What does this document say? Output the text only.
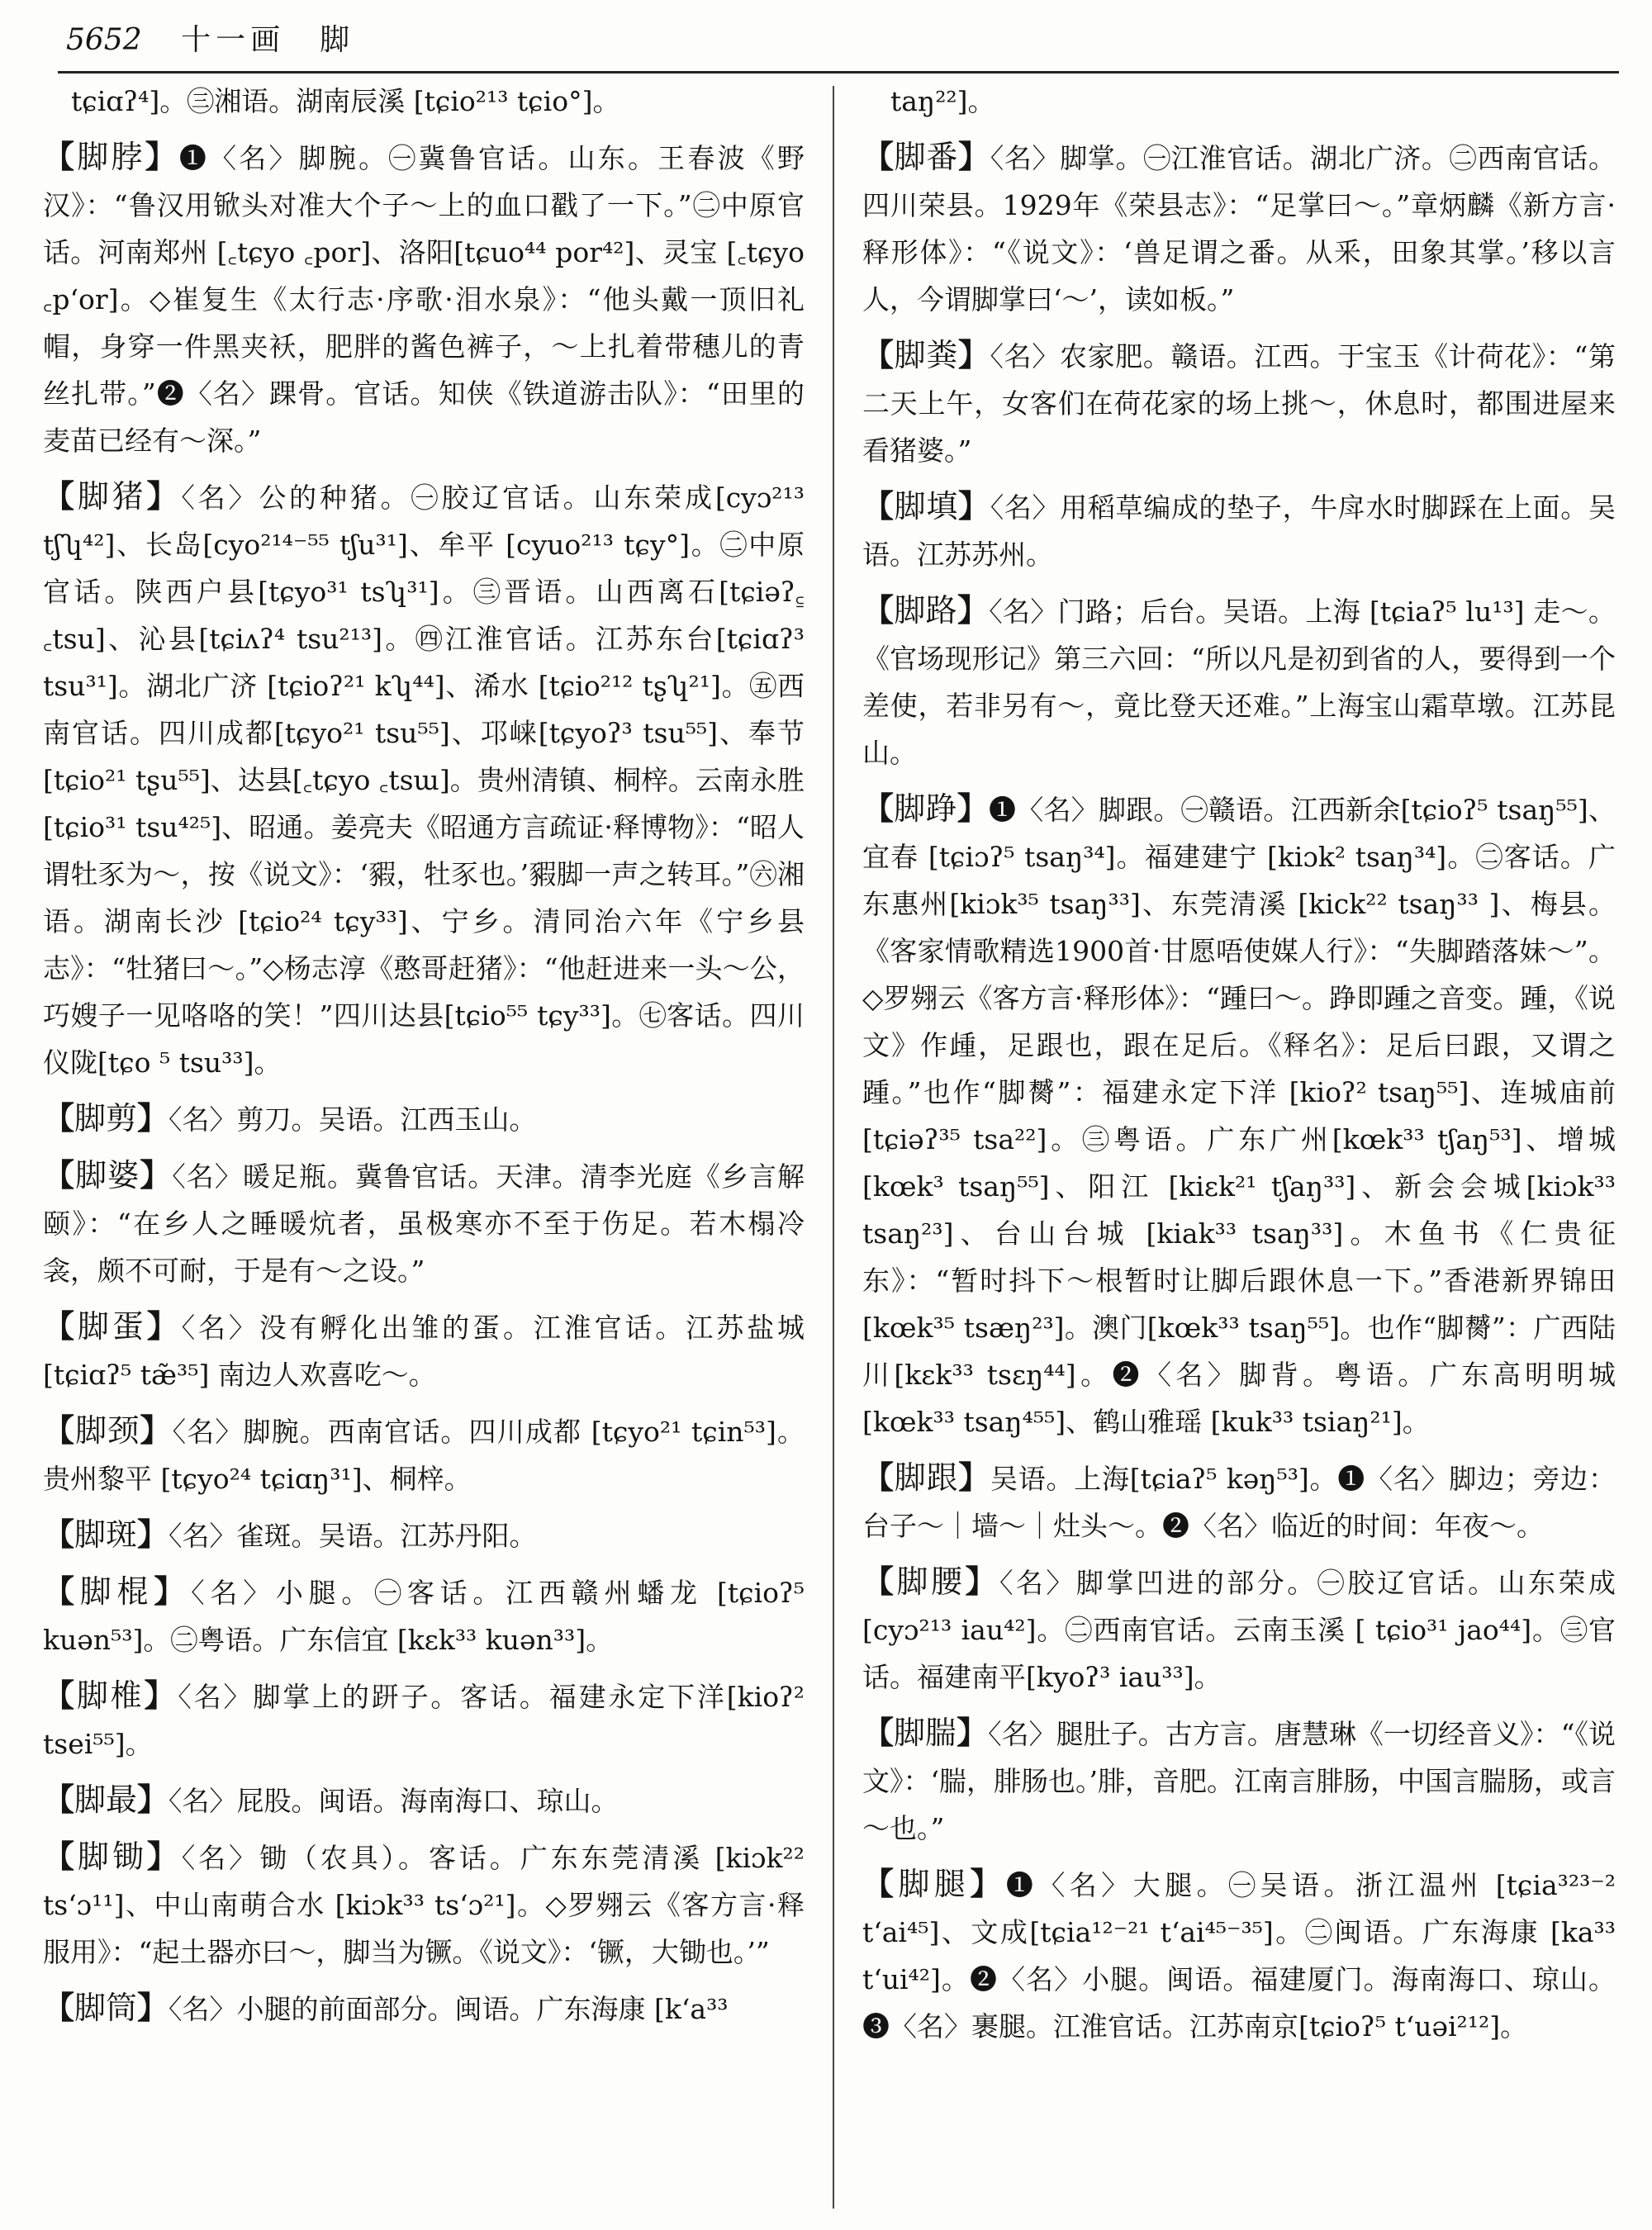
5652 十一画　脚

tɕiɑʔ⁴]。㊂湘语。湖南辰溪 [tɕio²¹³ tɕio°]。

【脚脖】❶〈名〉脚腕。㊀冀鲁官话。山东。王春波《野汉》：“鲁汉用锨头对准大个子～上的血口戳了一下。”㊁中原官话。河南郑州 [꜀tɕyo ꜀por]、洛阳[tɕuo⁴⁴ por⁴²]、灵宝 [꜀tɕyo ꜀pʻor]。◇崔复生《太行志·序歌·泪水泉》：“他头戴一顶旧礼帽，身穿一件黑夹袄，肥胖的酱色裤子，～上扎着带穗儿的青丝扎带。”❷〈名〉踝骨。官话。知侠《铁道游击队》：“田里的麦苗已经有～深。”

【脚猪】〈名〉公的种猪。㊀胶辽官话。山东荣成[cyɔ²¹³ tʃʮ⁴²]、长岛[cyo²¹⁴⁻⁵⁵ tʃu³¹]、牟平 [cyuo²¹³ tɕy°]。㊁中原官话。陕西户县[tɕyo³¹ tsʮ³¹]。㊂晋语。山西离石[tɕiəʔ꜁ ꜀tsu]、沁县[tɕiʌʔ⁴ tsu²¹³]。㊃江淮官话。江苏东台[tɕiɑʔ³ tsu³¹]。湖北广济 [tɕioʔ²¹ kʮ⁴⁴]、浠水 [tɕio²¹² tʂʮ²¹]。㊄西南官话。四川成都[tɕyo²¹ tsu⁵⁵]、邛崃[tɕyoʔ³ tsu⁵⁵]、奉节 [tɕio²¹ tʂu⁵⁵]、达县[꜀tɕyo ꜀tsɯ]。贵州清镇、桐梓。云南永胜 [tɕio³¹ tsu⁴²⁵]、昭通。姜亮夫《昭通方言疏证·释博物》：“昭人谓牡豕为～，按《说文》：‘豭，牡豕也。’豭脚一声之转耳。”㊅湘语。湖南长沙 [tɕio²⁴ tɕy³³]、宁乡。清同治六年《宁乡县志》：“牡猪曰～。”◇杨志淳《憨哥赶猪》：“他赶进来一头～公，巧嫂子一见咯咯的笑！”四川达县[tɕio⁵⁵ tɕy³³]。㊆客话。四川仪陇[tɕo ⁵ tsu³³]。

【脚剪】〈名〉剪刀。吴语。江西玉山。

【脚婆】〈名〉暖足瓶。冀鲁官话。天津。清李光庭《乡言解颐》：“在乡人之睡暖炕者，虽极寒亦不至于伤足。若木榻冷衾，颇不可耐，于是有～之设。”

【脚蛋】〈名〉没有孵化出雏的蛋。江淮官话。江苏盐城 [tɕiɑʔ⁵ tæ̃³⁵] 南边人欢喜吃～。

【脚颈】〈名〉脚腕。西南官话。四川成都 [tɕyo²¹ tɕin⁵³]。贵州黎平 [tɕyo²⁴ tɕiɑŋ³¹]、桐梓。

【脚斑】〈名〉雀斑。吴语。江苏丹阳。

【脚棍】〈名〉小腿。㊀客话。江西赣州蟠龙 [tɕioʔ⁵ kuən⁵³]。㊁粤语。广东信宜 [kɛk³³ kuən³³]。

【脚椎】〈名〉脚掌上的趼子。客话。福建永定下洋[kioʔ² tsei⁵⁵]。

【脚最】〈名〉屁股。闽语。海南海口、琼山。

【脚锄】〈名〉锄（农具）。客话。广东东莞清溪 [kiɔk²² tsʻɔ¹¹]、中山南萌合水 [kiɔk³³ tsʻɔ²¹]。◇罗翙云《客方言·释服用》：“起土器亦曰～，脚当为镢。《说文》：‘镢，大锄也。’”

【脚筒】〈名〉小腿的前面部分。闽语。广东海康 [kʻa³³

taŋ²²]。

【脚番】〈名〉脚掌。㊀江淮官话。湖北广济。㊁西南官话。四川荣县。1929年《荣县志》：“足掌曰～。”章炳麟《新方言·释形体》：“《说文》：‘兽足谓之番。从釆，田象其掌。’移以言人，今谓脚掌曰‘～’，读如板。”

【脚粪】〈名〉农家肥。赣语。江西。于宝玉《计荷花》：“第二天上午，女客们在荷花家的场上挑～，休息时，都围进屋来看猪婆。”

【脚填】〈名〉用稻草编成的垫子，牛戽水时脚踩在上面。吴语。江苏苏州。

【脚路】〈名〉门路；后台。吴语。上海 [tɕiaʔ⁵ lu¹³] 走～。《官场现形记》第三六回：“所以凡是初到省的人，要得到一个差使，若非另有～，竟比登天还难。”上海宝山霜草墩。江苏昆山。

【脚踭】❶〈名〉脚跟。㊀赣语。江西新余[tɕioʔ⁵ tsaŋ⁵⁵]、宜春 [tɕiɔʔ⁵ tsaŋ³⁴]。福建建宁 [kiɔk² tsaŋ³⁴]。㊁客话。广东惠州[kiɔk³⁵ tsaŋ³³]、东莞清溪 [kick²² tsaŋ³³ ]、梅县。《客家情歌精选1900首·甘愿唔使媒人行》：“失脚踏落妹～”。◇罗翙云《客方言·释形体》：“踵曰～。踭即踵之音变。踵，《说文》作歱，足跟也，跟在足后。《释名》：足后曰跟，又谓之踵。”也作“脚膥”：福建永定下洋 [kioʔ² tsaŋ⁵⁵]、连城庙前 [tɕiəʔ³⁵ tsa²²]。㊂粤语。广东广州[kœk³³ tʃaŋ⁵³]、增城[kœk³ tsaŋ⁵⁵]、阳江 [kiɛk²¹ tʃaŋ³³]、新会会城[kiɔk³³ tsaŋ²³]、台山台城 [kiak³³ tsaŋ³³]。木鱼书《仁贵征东》：“暂时抖下～根暂时让脚后跟休息一下。”香港新界锦田 [kœk³⁵ tsæŋ²³]。澳门[kœk³³ tsaŋ⁵⁵]。也作“脚膥”：广西陆川[kɛk³³ tsɛŋ⁴⁴]。❷〈名〉脚背。粤语。广东高明明城 [kœk³³ tsaŋ⁴⁵⁵]、鹤山雅瑶 [kuk³³ tsiaŋ²¹]。

【脚跟】吴语。上海[tɕiaʔ⁵ kəŋ⁵³]。❶〈名〉脚边；旁边：台子～｜墙～｜灶头～。❷〈名〉临近的时间：年夜～。

【脚腰】〈名〉脚掌凹进的部分。㊀胶辽官话。山东荣成[cyɔ²¹³ iau⁴²]。㊁西南官话。云南玉溪 [ tɕio³¹ jao⁴⁴]。㊂官话。福建南平[kyoʔ³ iau³³]。

【脚腨】〈名〉腿肚子。古方言。唐慧琳《一切经音义》：“《说文》：‘腨，腓肠也。’腓，音肥。江南言腓肠，中国言腨肠，或言～也。”

【脚腿】❶〈名〉大腿。㊀吴语。浙江温州 [tɕia³²³⁻² tʻai⁴⁵]、文成[tɕia¹²⁻²¹ tʻai⁴⁵⁻³⁵]。㊁闽语。广东海康 [ka³³ tʻui⁴²]。❷〈名〉小腿。闽语。福建厦门。海南海口、琼山。❸〈名〉裹腿。江淮官话。江苏南京[tɕioʔ⁵ tʻuəi²¹²]。
